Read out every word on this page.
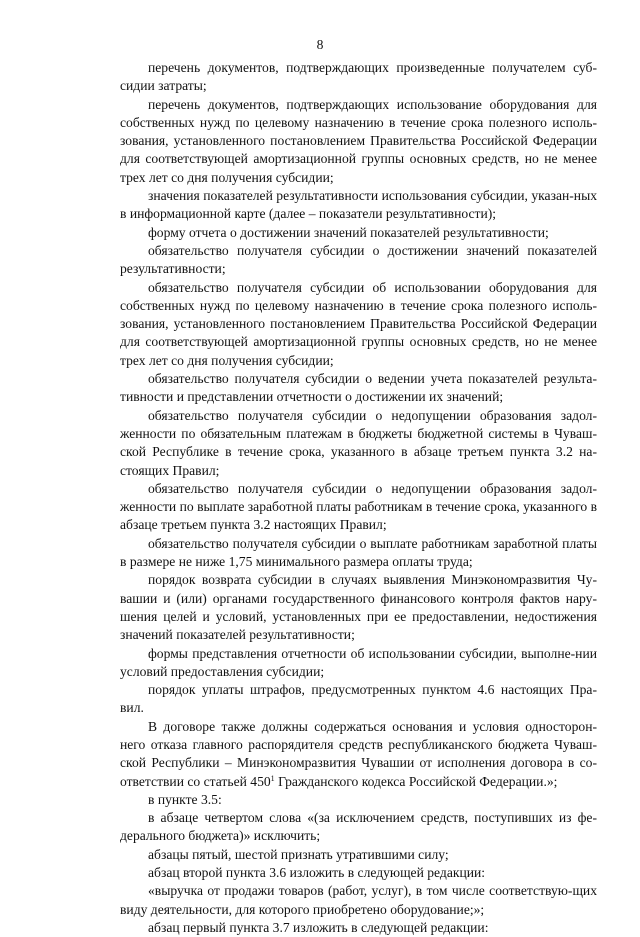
8

перечень документов, подтверждающих произведенные получателем суб-сидии затраты;

перечень документов, подтверждающих использование оборудования для собственных нужд по целевому назначению в течение срока полезного исполь-зования, установленного постановлением Правительства Российской Федерации для соответствующей амортизационной группы основных средств, но не менее трех лет со дня получения субсидии;

значения показателей результативности использования субсидии, указан-ных в информационной карте (далее – показатели результативности);

форму отчета о достижении значений показателей результативности;

обязательство получателя субсидии о достижении значений показателей результативности;

обязательство получателя субсидии об использовании оборудования для собственных нужд по целевому назначению в течение срока полезного исполь-зования, установленного постановлением Правительства Российской Федерации для соответствующей амортизационной группы основных средств, но не менее трех лет со дня получения субсидии;

обязательство получателя субсидии о ведении учета показателей результа-тивности и представлении отчетности о достижении их значений;

обязательство получателя субсидии о недопущении образования задол-женности по обязательным платежам в бюджеты бюджетной системы в Чуваш-ской Республике в течение срока, указанного в абзаце третьем пункта 3.2 на-стоящих Правил;

обязательство получателя субсидии о недопущении образования задол-женности по выплате заработной платы работникам в течение срока, указанного в абзаце третьем пункта 3.2 настоящих Правил;

обязательство получателя субсидии о выплате работникам заработной платы в размере не ниже 1,75 минимального размера оплаты труда;

порядок возврата субсидии в случаях выявления Минэкономразвития Чу-вашии и (или) органами государственного финансового контроля фактов нару-шения целей и условий, установленных при ее предоставлении, недостижения значений показателей результативности;

формы представления отчетности об использовании субсидии, выполне-нии условий предоставления субсидии;

порядок уплаты штрафов, предусмотренных пунктом 4.6 настоящих Пра-вил.

В договоре также должны содержаться основания и условия односторон-него отказа главного распорядителя средств республиканского бюджета Чуваш-ской Республики – Минэкономразвития Чувашии от исполнения договора в со-ответствии со статьей $450^1$ Гражданского кодекса Российской Федерации.»;

в пункте 3.5:

в абзаце четвертом слова «(за исключением средств, поступивших из фе-дерального бюджета)» исключить;

абзацы пятый, шестой признать утратившими силу;

абзац второй пункта 3.6 изложить в следующей редакции:

«выручка от продажи товаров (работ, услуг), в том числе соответствую-щих виду деятельности, для которого приобретено оборудование;»;

абзац первый пункта 3.7 изложить в следующей редакции:
